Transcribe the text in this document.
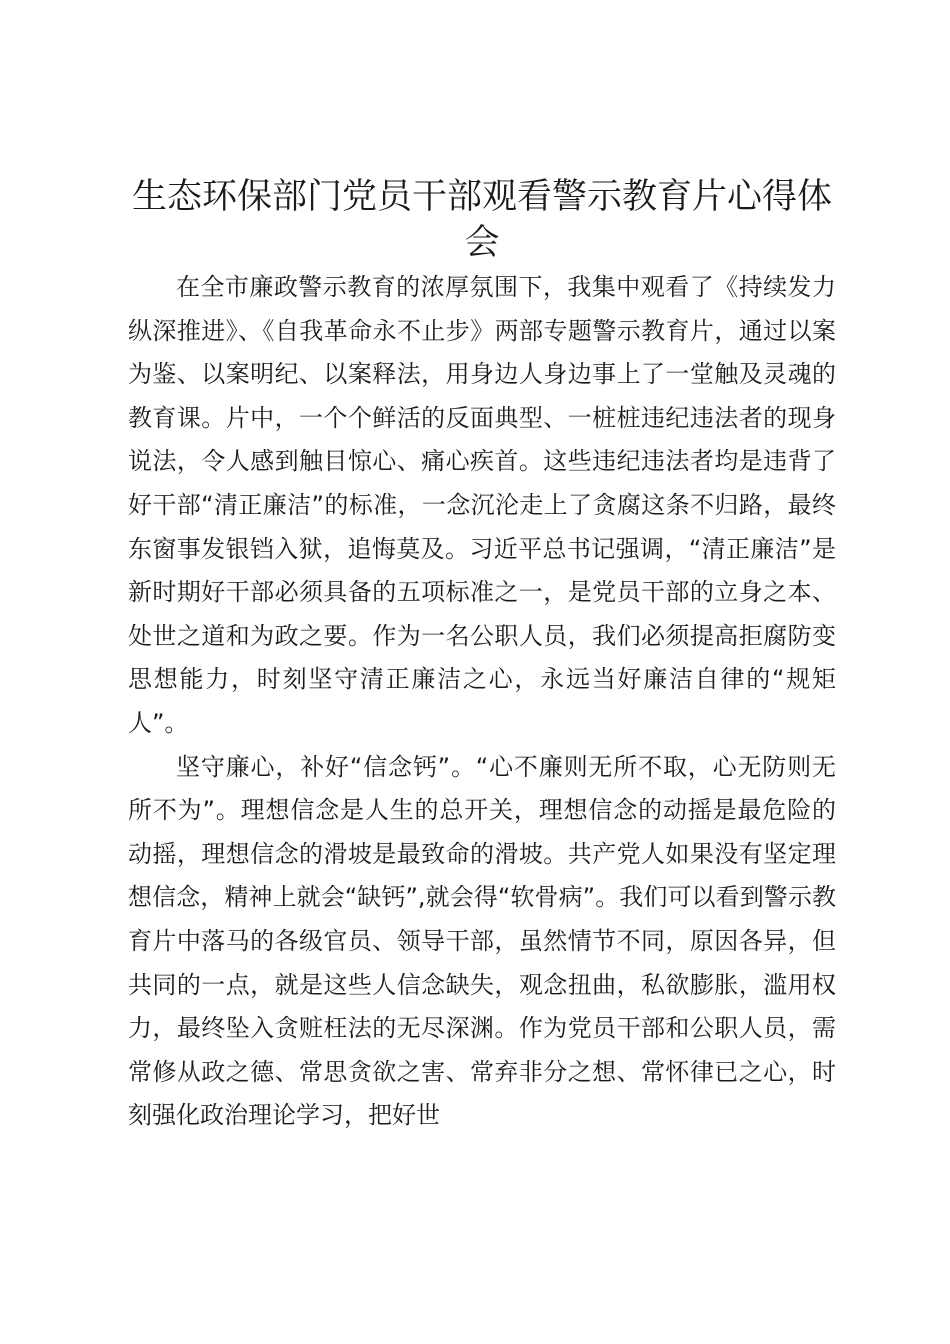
生态环保部门党员干部观看警示教育片心得体会

在全市廉政警示教育的浓厚氛围下，我集中观看了《持续发力纵深推进》、《自我革命永不止步》两部专题警示教育片，通过以案为鉴、以案明纪、以案释法，用身边人身边事上了一堂触及灵魂的教育课。片中，一个个鲜活的反面典型、一桩桩违纪违法者的现身说法，令人感到触目惊心、痛心疾首。这些违纪违法者均是违背了好干部“清正廉洁”的标准，一念沉沦走上了贪腐这条不归路，最终东窗事发银铛入狱，追悔莫及。习近平总书记强调，“清正廉洁”是新时期好干部必须具备的五项标准之一，是党员干部的立身之本、处世之道和为政之要。作为一名公职人员，我们必须提高拒腐防变思想能力，时刻坚守清正廉洁之心，永远当好廉洁自律的“规矩人”。

坚守廉心，补好“信念钙”。“心不廉则无所不取，心无防则无所不为”。理想信念是人生的总开关，理想信念的动摇是最危险的动摇，理想信念的滑坡是最致命的滑坡。共产党人如果没有坚定理想信念，精神上就会“缺钙”,就会得“软骨病”。我们可以看到警示教育片中落马的各级官员、领导干部，虽然情节不同，原因各异，但共同的一点，就是这些人信念缺失，观念扭曲，私欲膨胀，滥用权力，最终坠入贪赃枉法的无尽深渊。作为党员干部和公职人员，需常修从政之德、常思贪欲之害、常弃非分之想、常怀律已之心，时刻强化政治理论学习，把好世
